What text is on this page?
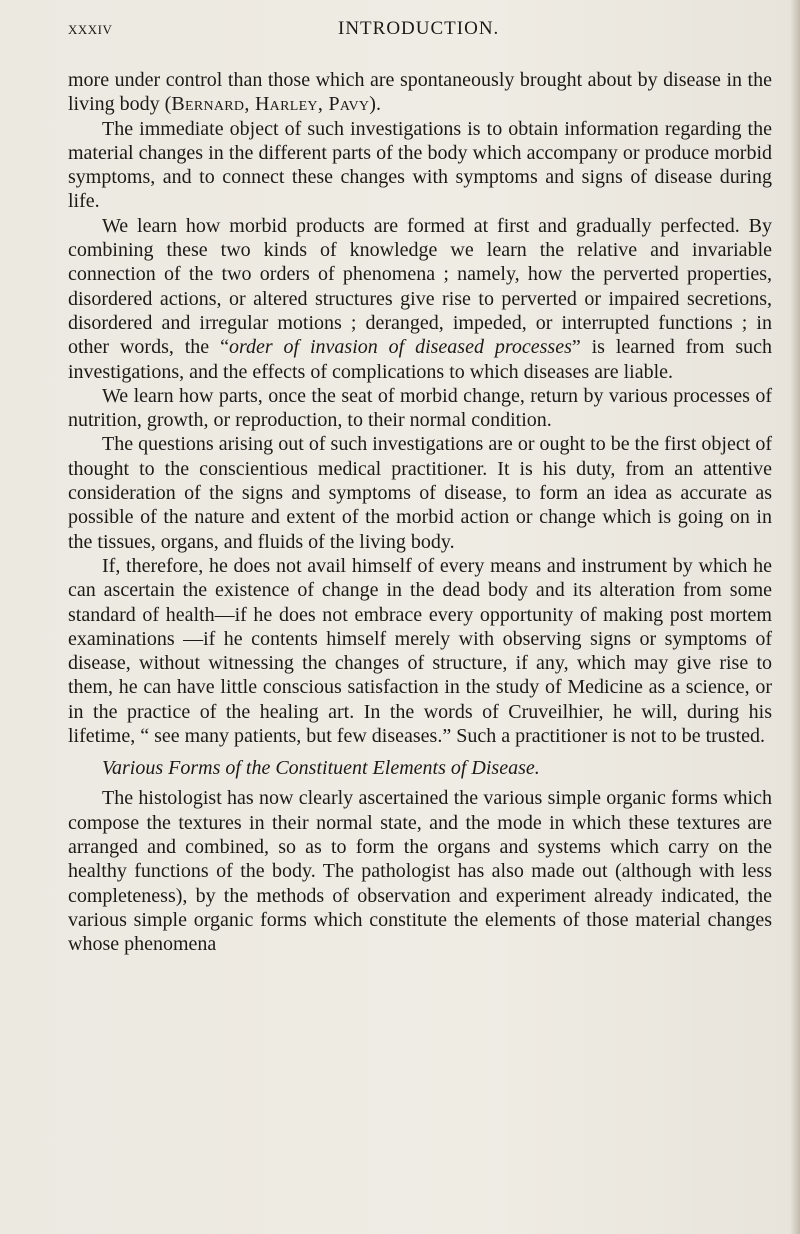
xxxiv	INTRODUCTION.

more under control than those which are spontaneously brought about by disease in the living body (Bernard, Harley, Pavy).

The immediate object of such investigations is to obtain information regarding the material changes in the different parts of the body which accompany or produce morbid symptoms, and to connect these changes with symptoms and signs of disease during life.

We learn how morbid products are formed at first and gradually perfected. By combining these two kinds of knowledge we learn the relative and invariable connection of the two orders of phenomena ; namely, how the perverted properties, disordered actions, or altered structures give rise to perverted or impaired secretions, disordered and irregular motions ; deranged, impeded, or interrupted functions ; in other words, the “order of invasion of diseased processes” is learned from such investigations, and the effects of complications to which diseases are liable.

We learn how parts, once the seat of morbid change, return by various processes of nutrition, growth, or reproduction, to their normal condition.

The questions arising out of such investigations are or ought to be the first object of thought to the conscientious medical practitioner. It is his duty, from an attentive consideration of the signs and symptoms of disease, to form an idea as accurate as possible of the nature and extent of the morbid action or change which is going on in the tissues, organs, and fluids of the living body.

If, therefore, he does not avail himself of every means and instrument by which he can ascertain the existence of change in the dead body and its alteration from some standard of health—if he does not embrace every opportunity of making post mortem examinations —if he contents himself merely with observing signs or symptoms of disease, without witnessing the changes of structure, if any, which may give rise to them, he can have little conscious satisfaction in the study of Medicine as a science, or in the practice of the healing art. In the words of Cruveilhier, he will, during his lifetime, “ see many patients, but few diseases.” Such a practitioner is not to be trusted.

Various Forms of the Constituent Elements of Disease.

The histologist has now clearly ascertained the various simple organic forms which compose the textures in their normal state, and the mode in which these textures are arranged and combined, so as to form the organs and systems which carry on the healthy functions of the body. The pathologist has also made out (although with less completeness), by the methods of observation and experiment already indicated, the various simple organic forms which constitute the elements of those material changes whose phenomena
